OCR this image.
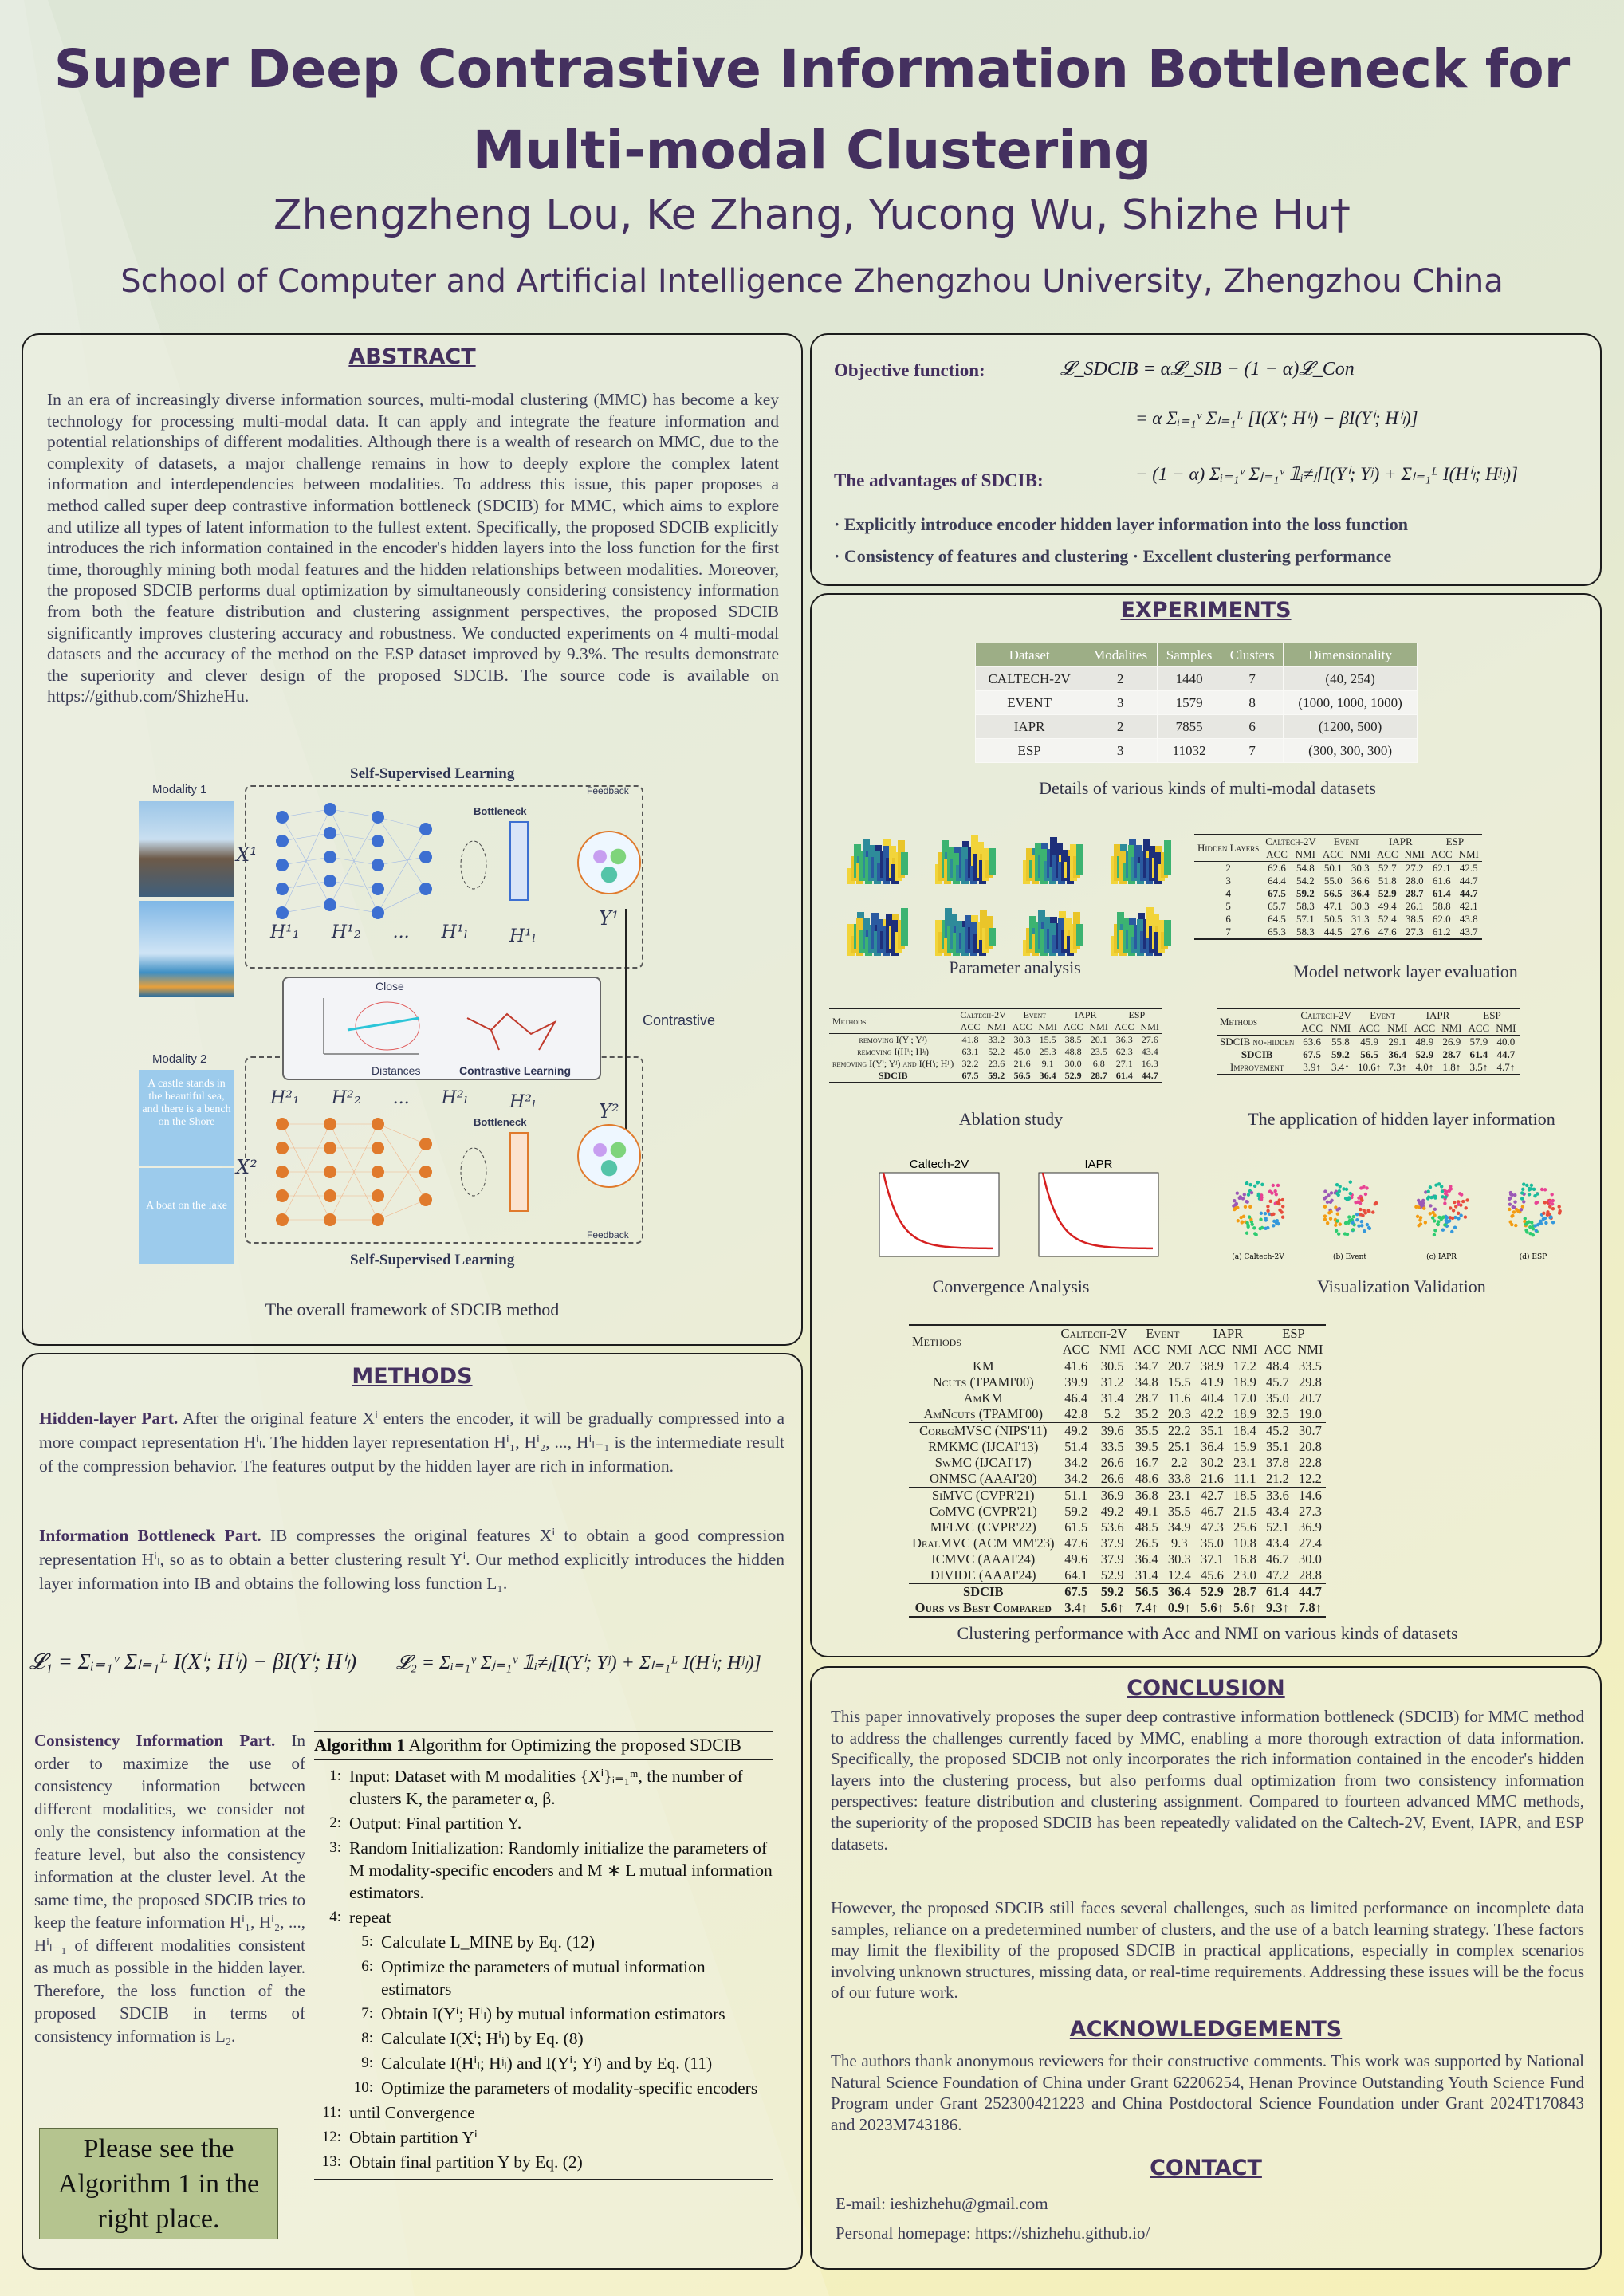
Super Deep Contrastive Information Bottleneck for
Multi-modal Clustering
Zhengzheng Lou, Ke Zhang, Yucong Wu, Shizhe Hu†
School of Computer and Artificial Intelligence Zhengzhou University, Zhengzhou China
ABSTRACT
In an era of increasingly diverse information sources, multi-modal clustering (MMC) has become a key technology for processing multi-modal data. It can apply and integrate the feature information and potential relationships of different modalities. Although there is a wealth of research on MMC, due to the complexity of datasets, a major challenge remains in how to deeply explore the complex latent information and interdependencies between modalities. To address this issue, this paper proposes a method called super deep contrastive information bottleneck (SDCIB) for MMC, which aims to explore and utilize all types of latent information to the fullest extent. Specifically, the proposed SDCIB explicitly introduces the rich information contained in the encoder's hidden layers into the loss function for the first time, thoroughly mining both modal features and the hidden relationships between modalities. Moreover, the proposed SDCIB performs dual optimization by simultaneously considering consistency information from both the feature distribution and clustering assignment perspectives, the proposed SDCIB significantly improves clustering accuracy and robustness. We conducted experiments on 4 multi-modal datasets and the accuracy of the method on the ESP dataset improved by 9.3%. The results demonstrate the superiority and clever design of the proposed SDCIB. The source code is available on https://github.com/ShizheHu.
Self-Supervised Learning
Self-Supervised Learning
Modality 1
Modality 2
A castle stands in the beautiful sea, and there is a bench on the Shore
A boat on the lake
X¹
X²
Bottleneck
Feedback
Y¹
H¹₁ H¹₂ ... H¹ₗ H¹ₗ
Close
Distances	Contrastive Learning
Contrastive
H²₁ H²₂ ... H²ₗ H²ₗ	Y²
Bottleneck
Feedback
The overall framework of SDCIB method
METHODS
Hidden-layer Part. After the original feature Xⁱ enters the encoder, it will be gradually compressed into a more compact representation Hⁱₗ. The hidden layer representation Hⁱ₁, Hⁱ₂, ..., Hⁱₗ₋₁ is the intermediate result of the compression behavior. The features output by the hidden layer are rich in information.
Information Bottleneck Part. IB compresses the original features Xⁱ to obtain a good compression representation Hⁱₗ, so as to obtain a better clustering result Yⁱ. Our method explicitly introduces the hidden layer information into IB and obtains the following loss function L₁.
𝓛₁ = Σᵢ₌₁ᵛ Σₗ₌₁ᴸ I(Xⁱ; Hⁱₗ) − βI(Yⁱ; Hⁱₗ) 𝓛₂ = Σᵢ₌₁ᵛ Σⱼ₌₁ᵛ 𝟙ᵢ≠ⱼ[I(Yⁱ; Yʲ) + Σₗ₌₁ᴸ I(Hⁱₗ; Hʲₗ)]
Consistency Information Part. In order to maximize the use of consistency information between different modalities, we consider not only the consistency information at the feature level, but also the consistency information at the cluster level. At the same time, the proposed SDCIB tries to keep the feature information Hⁱ₁, Hⁱ₂, ..., Hⁱₗ₋₁ of different modalities consistent as much as possible in the hidden layer. Therefore, the loss function of the proposed SDCIB in terms of consistency information is L₂.
Please see the Algorithm 1 in the right place.
Algorithm 1 Algorithm for Optimizing the proposed SDCIB
1: Input: Dataset with M modalities {Xⁱ}ᵢ₌₁ᵐ, the number of clusters K, the parameter α, β.
2: Output: Final partition Y.
3: Random Initialization: Randomly initialize the parameters of M modality-specific encoders and M ∗ L mutual information estimators.
4: repeat
5: Calculate L_MINE by Eq. (12)
6: Optimize the parameters of mutual information estimators
7: Obtain I(Yⁱ; Hⁱₗ) by mutual information estimators
8: Calculate I(Xⁱ; Hⁱₗ) by Eq. (8)
9: Calculate I(Hⁱₗ; Hʲₗ) and I(Yⁱ; Yʲ) and by Eq. (11)
10: Optimize the parameters of modality-specific encoders
11: until Convergence
12: Obtain partition Yⁱ
13: Obtain final partition Y by Eq. (2)
Objective function:
The advantages of SDCIB:
𝓛_SDCIB = α𝓛_SIB − (1 − α)𝓛_Con
= α Σᵢ₌₁ᵛ Σₗ₌₁ᴸ [I(Xⁱ; Hⁱₗ) − βI(Yⁱ; Hⁱₗ)]
− (1 − α) Σᵢ₌₁ᵛ Σⱼ₌₁ᵛ 𝟙ᵢ≠ⱼ[I(Yⁱ; Yʲ) + Σₗ₌₁ᴸ I(Hⁱₗ; Hʲₗ)]
· Explicitly introduce encoder hidden layer information into the loss function
· Consistency of features and clustering · Excellent clustering performance
EXPERIMENTS
Dataset	Modalites	Samples	Clusters	Dimensionality
CALTECH-2V	2	1440	7	(40, 254)
EVENT	3	1579	8	(1000, 1000, 1000)
IAPR	2	7855	6	(1200, 500)
ESP	3	11032	7	(300, 300, 300)
Details of various kinds of multi-modal datasets
Parameter analysis
Hidden Layers	Caltech-2V		Event		IAPR		ESP	
	ACC	NMI	ACC	NMI	ACC	NMI	ACC	NMI
2	62.6	54.8	50.1	30.3	52.7	27.2	62.1	42.5
3	64.4	54.2	55.0	36.6	51.8	28.0	61.6	44.7
4	67.5	59.2	56.5	36.4	52.9	28.7	61.4	44.7
5	65.7	58.3	47.1	30.3	49.4	26.1	58.8	42.1
6	64.5	57.1	50.5	31.3	52.4	38.5	62.0	43.8
7	65.3	58.3	44.5	27.6	47.6	27.3	61.2	43.7
Model network layer evaluation
Methods	Caltech-2V		Event		IAPR		ESP	
	ACC	NMI	ACC	NMI	ACC	NMI	ACC	NMI
removing I(Yⁱ; Yʲ)	41.8	33.2	30.3	15.5	38.5	20.1	36.3	27.6
removing I(Hⁱₗ; Hʲₗ)	63.1	52.2	45.0	25.3	48.8	23.5	62.3	43.4
removing I(Yⁱ; Yʲ) and I(Hⁱₗ; Hʲₗ)	32.2	23.6	21.6	9.1	30.0	6.8	27.1	16.3
SDCIB	67.5	59.2	56.5	36.4	52.9	28.7	61.4	44.7
Ablation study
Methods	Caltech-2V		Event		IAPR		ESP	
	ACC	NMI	ACC	NMI	ACC	NMI	ACC	NMI
SDCIB no-hidden	63.6	55.8	45.9	29.1	48.9	26.9	57.9	40.0
SDCIB	67.5	59.2	56.5	36.4	52.9	28.7	61.4	44.7
Improvement	3.9↑	3.4↑	10.6↑	7.3↑	4.0↑	1.8↑	3.5↑	4.7↑
The application of hidden layer information
Caltech-2V	IAPR
Convergence Analysis
(a) Caltech-2V	(b) Event	(c) IAPR	(d) ESP
Visualization Validation
Methods	Caltech-2V		Event		IAPR		ESP	
	ACC	NMI	ACC	NMI	ACC	NMI	ACC	NMI
KM	41.6	30.5	34.7	20.7	38.9	17.2	48.4	33.5
Ncuts (TPAMI'00)	39.9	31.2	34.8	15.5	41.9	18.9	45.7	29.8
AmKM	46.4	31.4	28.7	11.6	40.4	17.0	35.0	20.7
AmNcuts (TPAMI'00)	42.8	5.2	35.2	20.3	42.2	18.9	32.5	19.0
CoregMVSC (NIPS'11)	49.2	39.6	35.5	22.2	35.1	18.4	45.2	30.7
RMKMC (IJCAI'13)	51.4	33.5	39.5	25.1	36.4	15.9	35.1	20.8
SwMC (IJCAI'17)	34.2	26.6	16.7	2.2	30.2	23.1	37.8	22.8
ONMSC (AAAI'20)	34.2	26.6	48.6	33.8	21.6	11.1	21.2	12.2
SiMVC (CVPR'21)	51.1	36.9	36.8	23.1	42.7	18.5	33.6	14.6
CoMVC (CVPR'21)	59.2	49.2	49.1	35.5	46.7	21.5	43.4	27.3
MFLVC (CVPR'22)	61.5	53.6	48.5	34.9	47.3	25.6	52.1	36.9
DealMVC (ACM MM'23)	47.6	37.9	26.5	9.3	35.0	10.8	43.4	27.4
ICMVC (AAAI'24)	49.6	37.9	36.4	30.3	37.1	16.8	46.7	30.0
DIVIDE (AAAI'24)	64.1	52.9	31.4	12.4	45.6	23.0	47.2	28.8
SDCIB	67.5	59.2	56.5	36.4	52.9	28.7	61.4	44.7
Ours vs Best Compared	3.4↑	5.6↑	7.4↑	0.9↑	5.6↑	5.6↑	9.3↑	7.8↑
Clustering performance with Acc and NMI on various kinds of datasets
CONCLUSION
This paper innovatively proposes the super deep contrastive information bottleneck (SDCIB) for MMC method to address the challenges currently faced by MMC, enabling a more thorough extraction of data information. Specifically, the proposed SDCIB not only incorporates the rich information contained in the encoder's hidden layers into the clustering process, but also performs dual optimization from two consistency information perspectives: feature distribution and clustering assignment. Compared to fourteen advanced MMC methods, the superiority of the proposed SDCIB has been repeatedly validated on the Caltech-2V, Event, IAPR, and ESP datasets.
However, the proposed SDCIB still faces several challenges, such as limited performance on incomplete data samples, reliance on a predetermined number of clusters, and the use of a batch learning strategy. These factors may limit the flexibility of the proposed SDCIB in practical applications, especially in complex scenarios involving unknown structures, missing data, or real-time requirements. Addressing these issues will be the focus of our future work.
ACKNOWLEDGEMENTS
The authors thank anonymous reviewers for their constructive comments. This work was supported by National Natural Science Foundation of China under Grant 62206254, Henan Province Outstanding Youth Science Fund Program under Grant 252300421223 and China Postdoctoral Science Foundation under Grant 2024T170843 and 2023M743186.
CONTACT
E-mail: ieshizhehu@gmail.com
Personal homepage: https://shizhehu.github.io/
